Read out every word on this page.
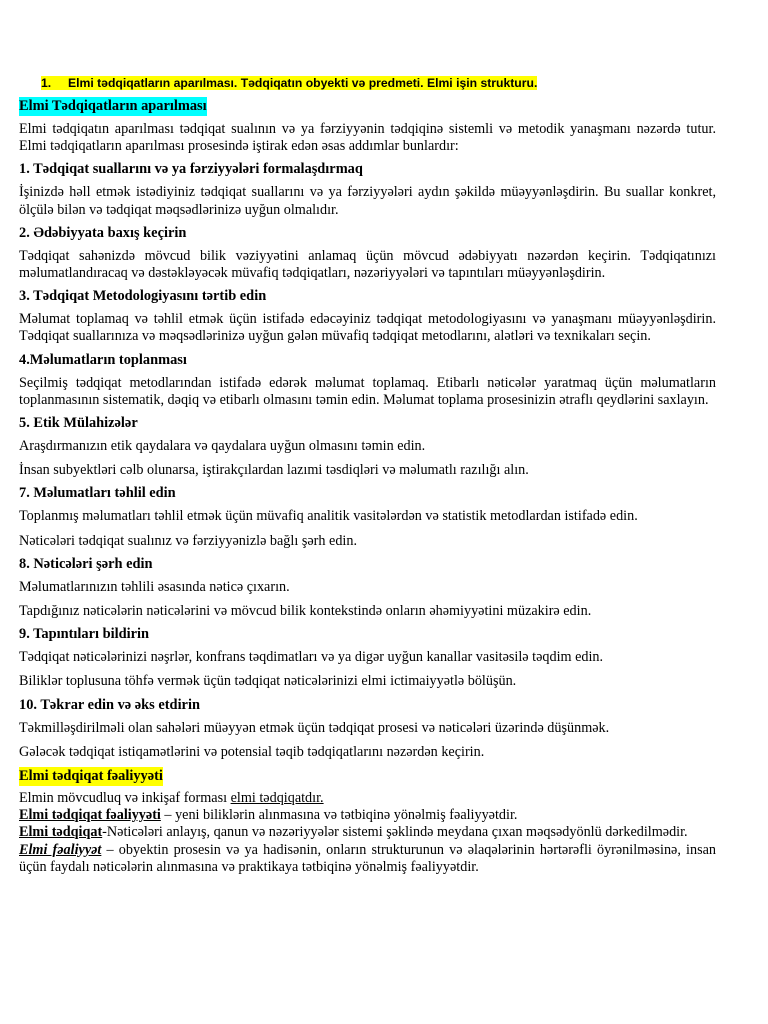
1. Elmi tədqiqatların aparılması. Tədqiqatın obyekti və predmeti. Elmi işin strukturu.
Elmi Tədqiqatların aparılması

Elmi tədqiqatın aparılması tədqiqat sualının və ya fərziyyənin tədqiqinə sistemli və metodik yanaşmanı nəzərdə tutur. Elmi tədqiqatların aparılması prosesində iştirak edən əsas addımlar bunlardır:

1. Tədqiqat suallarını və ya fərziyyələri formalaşdırmaq

İşinizdə həll etmək istədiyiniz tədqiqat suallarını və ya fərziyyələri aydın şəkildə müəyyənləşdirin. Bu suallar konkret, ölçülə bilən və tədqiqat məqsədlərinizə uyğun olmalıdır.

2. Ədəbiyyata baxış keçirin

Tədqiqat sahənizdə mövcud bilik vəziyyətini anlamaq üçün mövcud ədəbiyyatı nəzərdən keçirin. Tədqiqatınızı məlumatlandıracaq və dəstəkləyəcək müvafiq tədqiqatları, nəzəriyyələri və tapıntıları müəyyənləşdirin.

3. Tədqiqat Metodologiyasını tərtib edin

Məlumat toplamaq və təhlil etmək üçün istifadə edəcəyiniz tədqiqat metodologiyasını və yanaşmanı müəyyənləşdirin. Tədqiqat suallarınıza və məqsədlərinizə uyğun gələn müvafiq tədqiqat metodlarını, alətləri və texnikaları seçin.

4.Məlumatların toplanması

Seçilmiş tədqiqat metodlarından istifadə edərək məlumat toplamaq. Etibarlı nəticələr yaratmaq üçün məlumatların toplanmasının sistematik, dəqiq və etibarlı olmasını təmin edin. Məlumat toplama prosesinizin ətraflı qeydlərini saxlayın.

5. Etik Mülahizələr

Araşdırmanızın etik qaydalara və qaydalara uyğun olmasını təmin edin.

İnsan subyektləri cəlb olunarsa, iştirakçılardan lazımi təsdiqləri və məlumatlı razılığı alın.

7. Məlumatları təhlil edin

Toplanmış məlumatları təhlil etmək üçün müvafiq analitik vasitələrdən və statistik metodlardan istifadə edin.

Nəticələri tədqiqat sualınız və fərziyyənizlə bağlı şərh edin.

8. Nəticələri şərh edin

Məlumatlarınızın təhlili əsasında nəticə çıxarın.

Tapdığınız nəticələrin nəticələrini və mövcud bilik kontekstində onların əhəmiyyətini müzakirə edin.

9. Tapıntıları bildirin

Tədqiqat nəticələrinizi nəşrlər, konfrans təqdimatları və ya digər uyğun kanallar vasitəsilə təqdim edin.

Biliklər toplusuna töhfə vermək üçün tədqiqat nəticələrinizi elmi ictimaiyyətlə bölüşün.

10. Təkrar edin və əks etdirin

Təkmilləşdirilməli olan sahələri müəyyən etmək üçün tədqiqat prosesi və nəticələri üzərində düşünmək.

Gələcək tədqiqat istiqamətlərini və potensial təqib tədqiqatlarını nəzərdən keçirin.

Elmi tədqiqat fəaliyyəti

Elmin mövcudluq və inkişaf forması elmi tədqiqatdır.

Elmi tədqiqat fəaliyyəti – yeni biliklərin alınmasına və tətbiqinə yönəlmiş fəaliyyətdir.

Elmi tədqiqat-Nəticələri anlayış, qanun və nəzəriyyələr sistemi şəklində meydana çıxan məqsədyönlü dərkedilmədir.

Elmi fəaliyyət – obyektin prosesin və ya hadisənin, onların strukturunun və əlaqələrinin hərtərəfli öyrənilməsinə, insan üçün faydalı nəticələrin alınmasına və praktikaya tətbiqinə yönəlmiş fəaliyyətdir.
